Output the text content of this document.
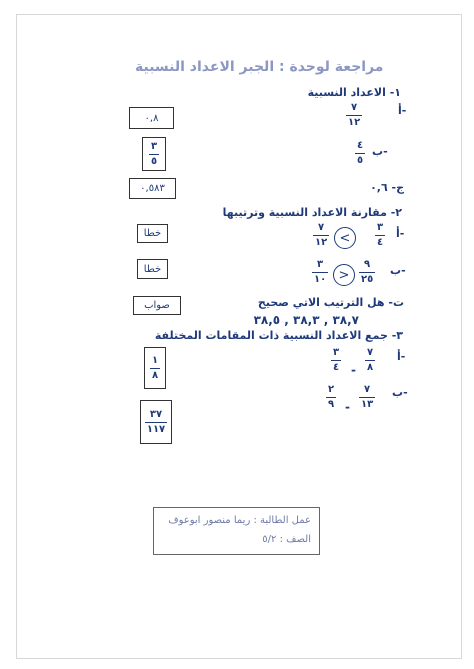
مراجعة لوحدة : الجبر الاعداد النسبية
١- الاعداد النسبية
أ-
٧
١٢
٠,٨
ب-
٤
٥
$\frac{٣}{٥}$
ج- ٠,٦
٠,٥٨٣
٢- مقارنة الاعداد النسبية وترتيبها
أ-
٣
٤
<
٧
١٢
خطا
ب-
٩
٢٥
>
٣
١٠
خطا
ت- هل الترتيب الاتي صحيح
٣٨,٧ , ٣٨,٣ , ٣٨,٥
صواب
٣- جمع الاعداد النسبية ذات المقامات المختلفة
أ-
٧
٨
-
٣
٤
$\frac{١}{٨}$
ب-
٧
١٣
-
٢
٩
$\frac{٣٧}{١١٧}$
عمل الطالبة : ريما منصور ابوعوف
الصف : ٥/٢
